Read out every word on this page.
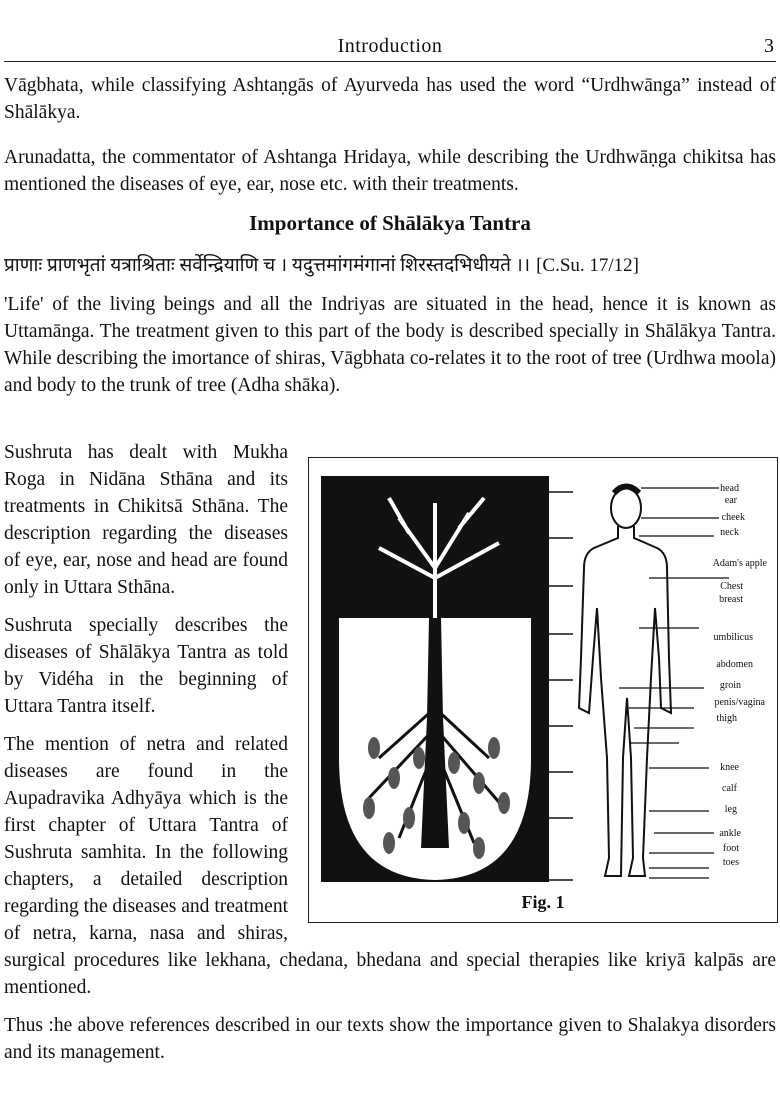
Introduction	3

Vāgbhata, while classifying Ashtaṇgās of Ayurveda has used the word “Urdhwānga” instead of Shālākya.

Arunadatta, the commentator of Ashtanga Hridaya, while describing the Urdhwāṇga chikitsa has mentioned the diseases of eye, ear, nose etc. with their treatments.

Importance of Shālākya Tantra
प्राणाः प्राणभृतां यत्राश्रिताः सर्वेन्द्रियाणि च । यदुत्तमांगमंगानां शिरस्तदभिधीयते ।। [C.Su. 17/12]

'Life' of the living beings and all the Indriyas are situated in the head, hence it is known as Uttamānga. The treatment given to this part of the body is described specially in Shālākya Tantra. While describing the imortance of shiras, Vāgbhata co-relates it to the root of tree (Urdhwa moola) and body to the trunk of tree (Adha shāka).

head
ear
cheek
neck
Adam's apple
Chest
breast
umbilicus
abdomen
groin
penis/vagina
thigh
knee
calf
leg
ankle
foot
toes
Fig. 1

Sushruta has dealt with Mukha Roga in Nidāna Sthāna and its treatments in Chikitsā Sthāna. The description regarding the diseases of eye, ear, nose and head are found only in Uttara Sthāna.

Sushruta specially describes the diseases of Shālākya Tantra as told by Vidéha in the beginning of Uttara Tantra itself.

The mention of netra and related diseases are found in the Aupadravika Adhyāya which is the first chapter of Uttara Tantra of Sushruta samhita. In the following chapters, a detailed description regarding the diseases and treatment of netra, karna, nasa and shiras, surgical procedures like lekhana, chedana, bhedana and special therapies like kriyā kalpās are mentioned.

Thus :he above references described in our texts show the importance given to Shalakya disorders and its management.
